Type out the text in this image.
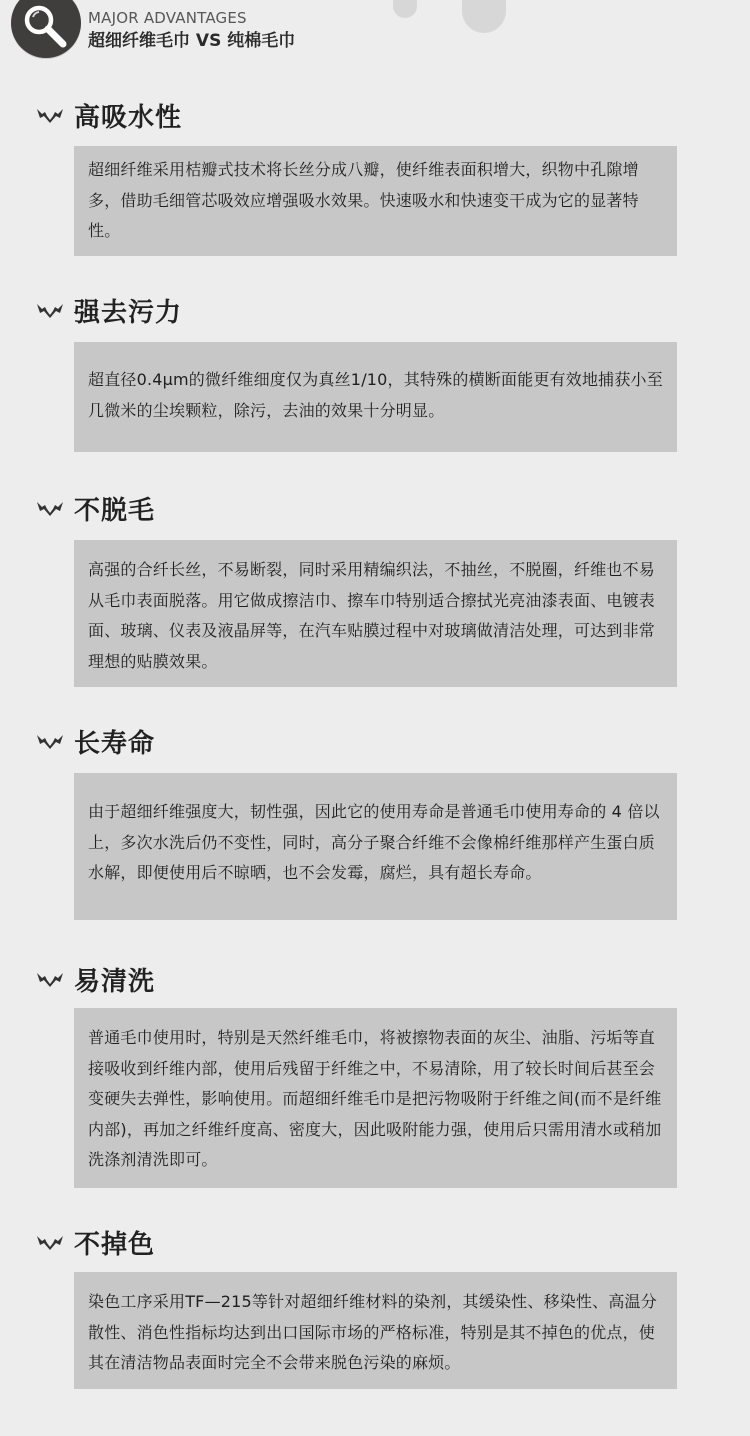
MAJOR ADVANTAGES
超细纤维毛巾 VS 纯棉毛巾
高吸水性
超细纤维采用桔瓣式技术将长丝分成八瓣，使纤维表面积增大，织物中孔隙增多，借助毛细管芯吸效应增强吸水效果。快速吸水和快速变干成为它的显著特性。
强去污力
超直径0.4μm的微纤维细度仅为真丝1/10，其特殊的横断面能更有效地捕获小至几微米的尘埃颗粒，除污，去油的效果十分明显。
不脱毛
高强的合纤长丝，不易断裂，同时采用精编织法，不抽丝，不脱圈，纤维也不易从毛巾表面脱落。用它做成擦洁巾、擦车巾特别适合擦拭光亮油漆表面、电镀表面、玻璃、仪表及液晶屏等，在汽车贴膜过程中对玻璃做清洁处理，可达到非常理想的贴膜效果。
长寿命
由于超细纤维强度大，韧性强，因此它的使用寿命是普通毛巾使用寿命的 4 倍以上，多次水洗后仍不变性，同时，高分子聚合纤维不会像棉纤维那样产生蛋白质水解，即便使用后不晾晒，也不会发霉，腐烂，具有超长寿命。
易清洗
普通毛巾使用时，特别是天然纤维毛巾，将被擦物表面的灰尘、油脂、污垢等直接吸收到纤维内部，使用后残留于纤维之中，不易清除，用了较长时间后甚至会变硬失去弹性，影响使用。而超细纤维毛巾是把污物吸附于纤维之间(而不是纤维内部)，再加之纤维纤度高、密度大，因此吸附能力强，使用后只需用清水或稍加洗涤剂清洗即可。
不掉色
染色工序采用TF—215等针对超细纤维材料的染剂，其缓染性、移染性、高温分散性、消色性指标均达到出口国际市场的严格标准，特别是其不掉色的优点，使其在清洁物品表面时完全不会带来脱色污染的麻烦。
